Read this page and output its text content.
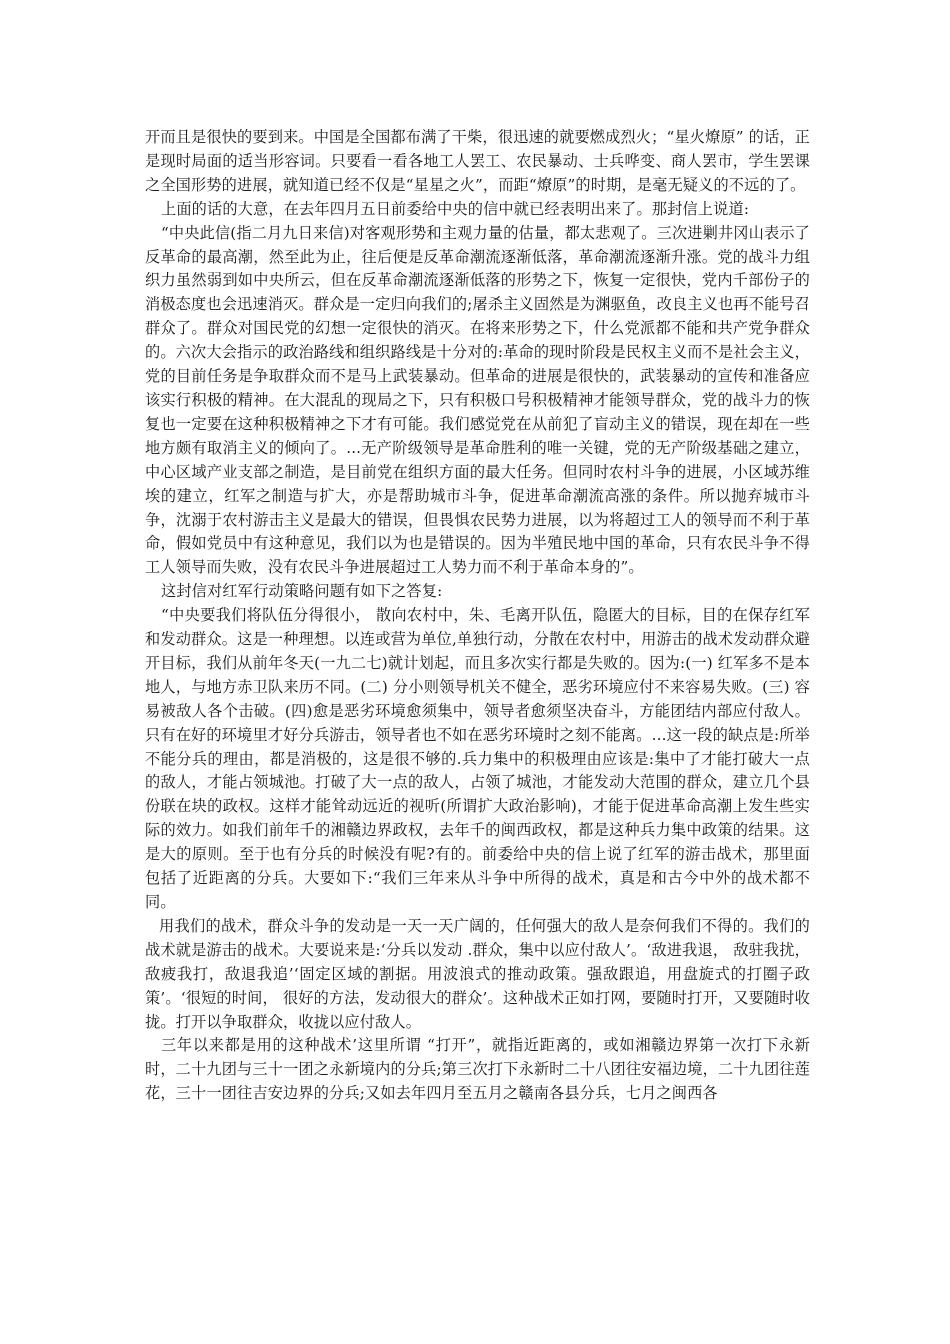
开而且是很快的要到来。中国是全国都布满了干柴，很迅速的就要燃成烈火；“星火燎原” 的话，正是现时局面的适当形容词。只要看一看各地工人罢工、农民暴动、士兵哗变、商人罢市，学生罢课之全国形势的进展，就知道已经不仅是“星星之火”，而距“燎原”的时期，是毫无疑义的不远的了。

上面的话的大意，在去年四月五日前委给中央的信中就已经表明出来了。那封信上说道:

“中央此信(指二月九日来信)对客观形势和主观力量的估量，都太悲观了。三次进剿井冈山表示了反革命的最高潮，然至此为止，往后便是反革命潮流逐渐低落，革命潮流逐渐升涨。党的战斗力组织力虽然弱到如中央所云，但在反革命潮流逐渐低落的形势之下，恢复一定很快，党内千部份子的消极态度也会迅速消灭。群众是一定归向我们的;屠杀主义固然是为渊驱鱼，改良主义也再不能号召群众了。群众对国民党的幻想一定很快的消灭。在将来形势之下，什么党派都不能和共产党争群众的。六次大会指示的政治路线和组织路线是十分对的:革命的现时阶段是民权主义而不是社会主义，党的目前任务是争取群众而不是马上武装暴动。但革命的进展是很快的，武装暴动的宣传和准备应该实行积极的精神。在大混乱的现局之下，只有积极口号积极精神才能领导群众，党的战斗力的恢复也一定要在这种积极精神之下才有可能。我们感觉党在从前犯了盲动主义的错误，现在却在一些地方颇有取消主义的倾向了。...无产阶级领导是革命胜利的唯一关键，党的无产阶级基础之建立，中心区域产业支部之制造，是目前党在组织方面的最大任务。但同时农村斗争的进展，小区域苏维埃的建立，红军之制造与扩大，亦是帮助城市斗争，促进革命潮流高涨的条件。所以抛弃城市斗争，沈溺于农村游击主义是最大的错误，但畏惧农民势力进展，以为将超过工人的领导而不利于革命，假如党员中有这种意见，我们以为也是错误的。因为半殖民地中国的革命，只有农民斗争不得工人领导而失败，没有农民斗争进展超过工人势力而不利于革命本身的”。

这封信对红军行动策略问题有如下之答复:

“中央要我们将队伍分得很小， 散向农村中，朱、毛离开队伍，隐匿大的目标，目的在保存红军和发动群众。这是一种理想。以连或营为单位,单独行动，分散在农村中，用游击的战术发动群众避开目标，我们从前年冬天(一九二七)就计划起，而且多次实行都是失败的。因为:(一) 红军多不是本地人，与地方赤卫队来历不同。(二) 分小则领导机关不健全，恶劣环境应付不来容易失败。(三) 容易被敌人各个击破。(四)愈是恶劣环境愈须集中，领导者愈须坚决奋斗，方能团结内部应付敌人。只有在好的环境里才好分兵游击，领导者也不如在恶劣环境时之刻不能离。...这一段的缺点是:所举不能分兵的理由，都是消极的，这是很不够的.兵力集中的积极理由应该是:集中了才能打破大一点的敌人，才能占领城池。打破了大一点的敌人，占领了城池，才能发动大范围的群众，建立几个县份联在块的政权。这样才能耸动远近的视听(所谓扩大政治影响)，才能于促进革命高潮上发生些实际的效力。如我们前年千的湘赣边界政权，去年千的闽西政权，都是这种兵力集中政策的结果。这是大的原则。至于也有分兵的时候没有呢?有的。前委给中央的信上说了红军的游击战术，那里面包括了近距离的分兵。大要如下:“我们三年来从斗争中所得的战术，真是和古今中外的战术都不同。

用我们的战术，群众斗争的发动是一天一天广阔的，任何强大的敌人是奈何我们不得的。我们的战术就是游击的战术。大要说来是:‘分兵以发动 .群众，集中以应付敌人’。‘敌进我退， 敌驻我扰，敌疲我打，敌退我追’‘固定区域的割据。用波浪式的推动政策。强敌跟追，用盘旋式的打圈子政策’。‘很短的时间， 很好的方法，发动很大的群众’。这种战术正如打网，要随时打开，又要随时收拢。打开以争取群众，收拢以应付敌人。

三年以来都是用的这种战术’这里所谓 “打开”，就指近距离的，或如湘赣边界第一次打下永新时，二十九团与三十一团之永新境内的分兵;第三次打下永新时二十八团往安福边境，二十九团往莲花，三十一团往吉安边界的分兵;又如去年四月至五月之赣南各县分兵，七月之闽西各
